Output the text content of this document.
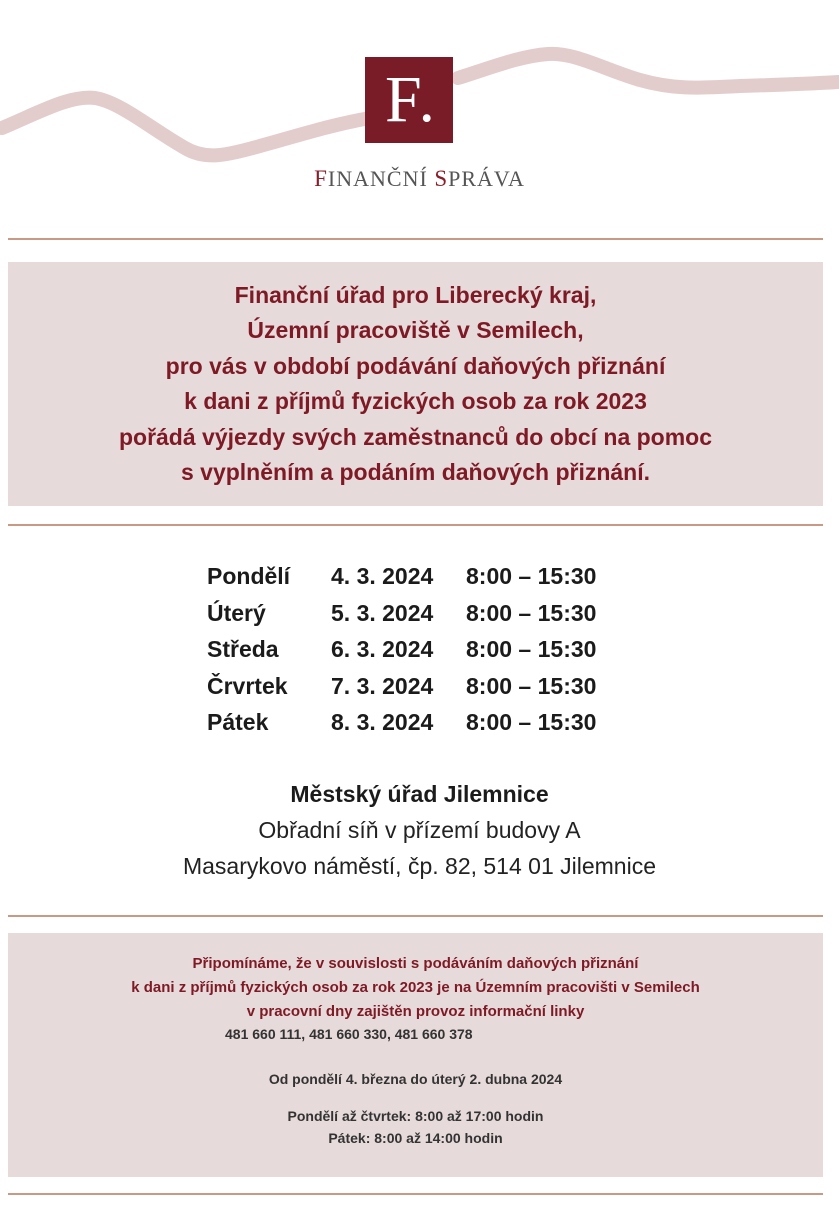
F.
FINANČNÍ SPRÁVA
Finanční úřad pro Liberecký kraj,
Územní pracoviště v Semilech,
pro vás v období podávání daňových přiznání
k dani z příjmů fyzických osob za rok 2023
pořádá výjezdy svých zaměstnanců do obcí na pomoc
s vyplněním a podáním daňových přiznání.
Pondělí 4. 3. 2024 8:00 – 15:30
Úterý	5. 3. 2024 8:00 – 15:30
Středa 6. 3. 2024 8:00 – 15:30
Črvrtek 7. 3. 2024 8:00 – 15:30
Pátek	8. 3. 2024 8:00 – 15:30
Městský úřad Jilemnice
Obřadní síň v přízemí budovy A
Masarykovo náměstí, čp. 82, 514 01 Jilemnice
Připomínáme, že v souvislosti s podáváním daňových přiznání
k dani z příjmů fyzických osob za rok 2023 je na Územním pracovišti v Semilech
v pracovní dny zajištěn provoz informační linky
481 660 111, 481 660 330, 481 660 378
Od pondělí 4. března do úterý 2. dubna 2024
Pondělí až čtvrtek: 8:00 až 17:00 hodin
Pátek: 8:00 až 14:00 hodin
